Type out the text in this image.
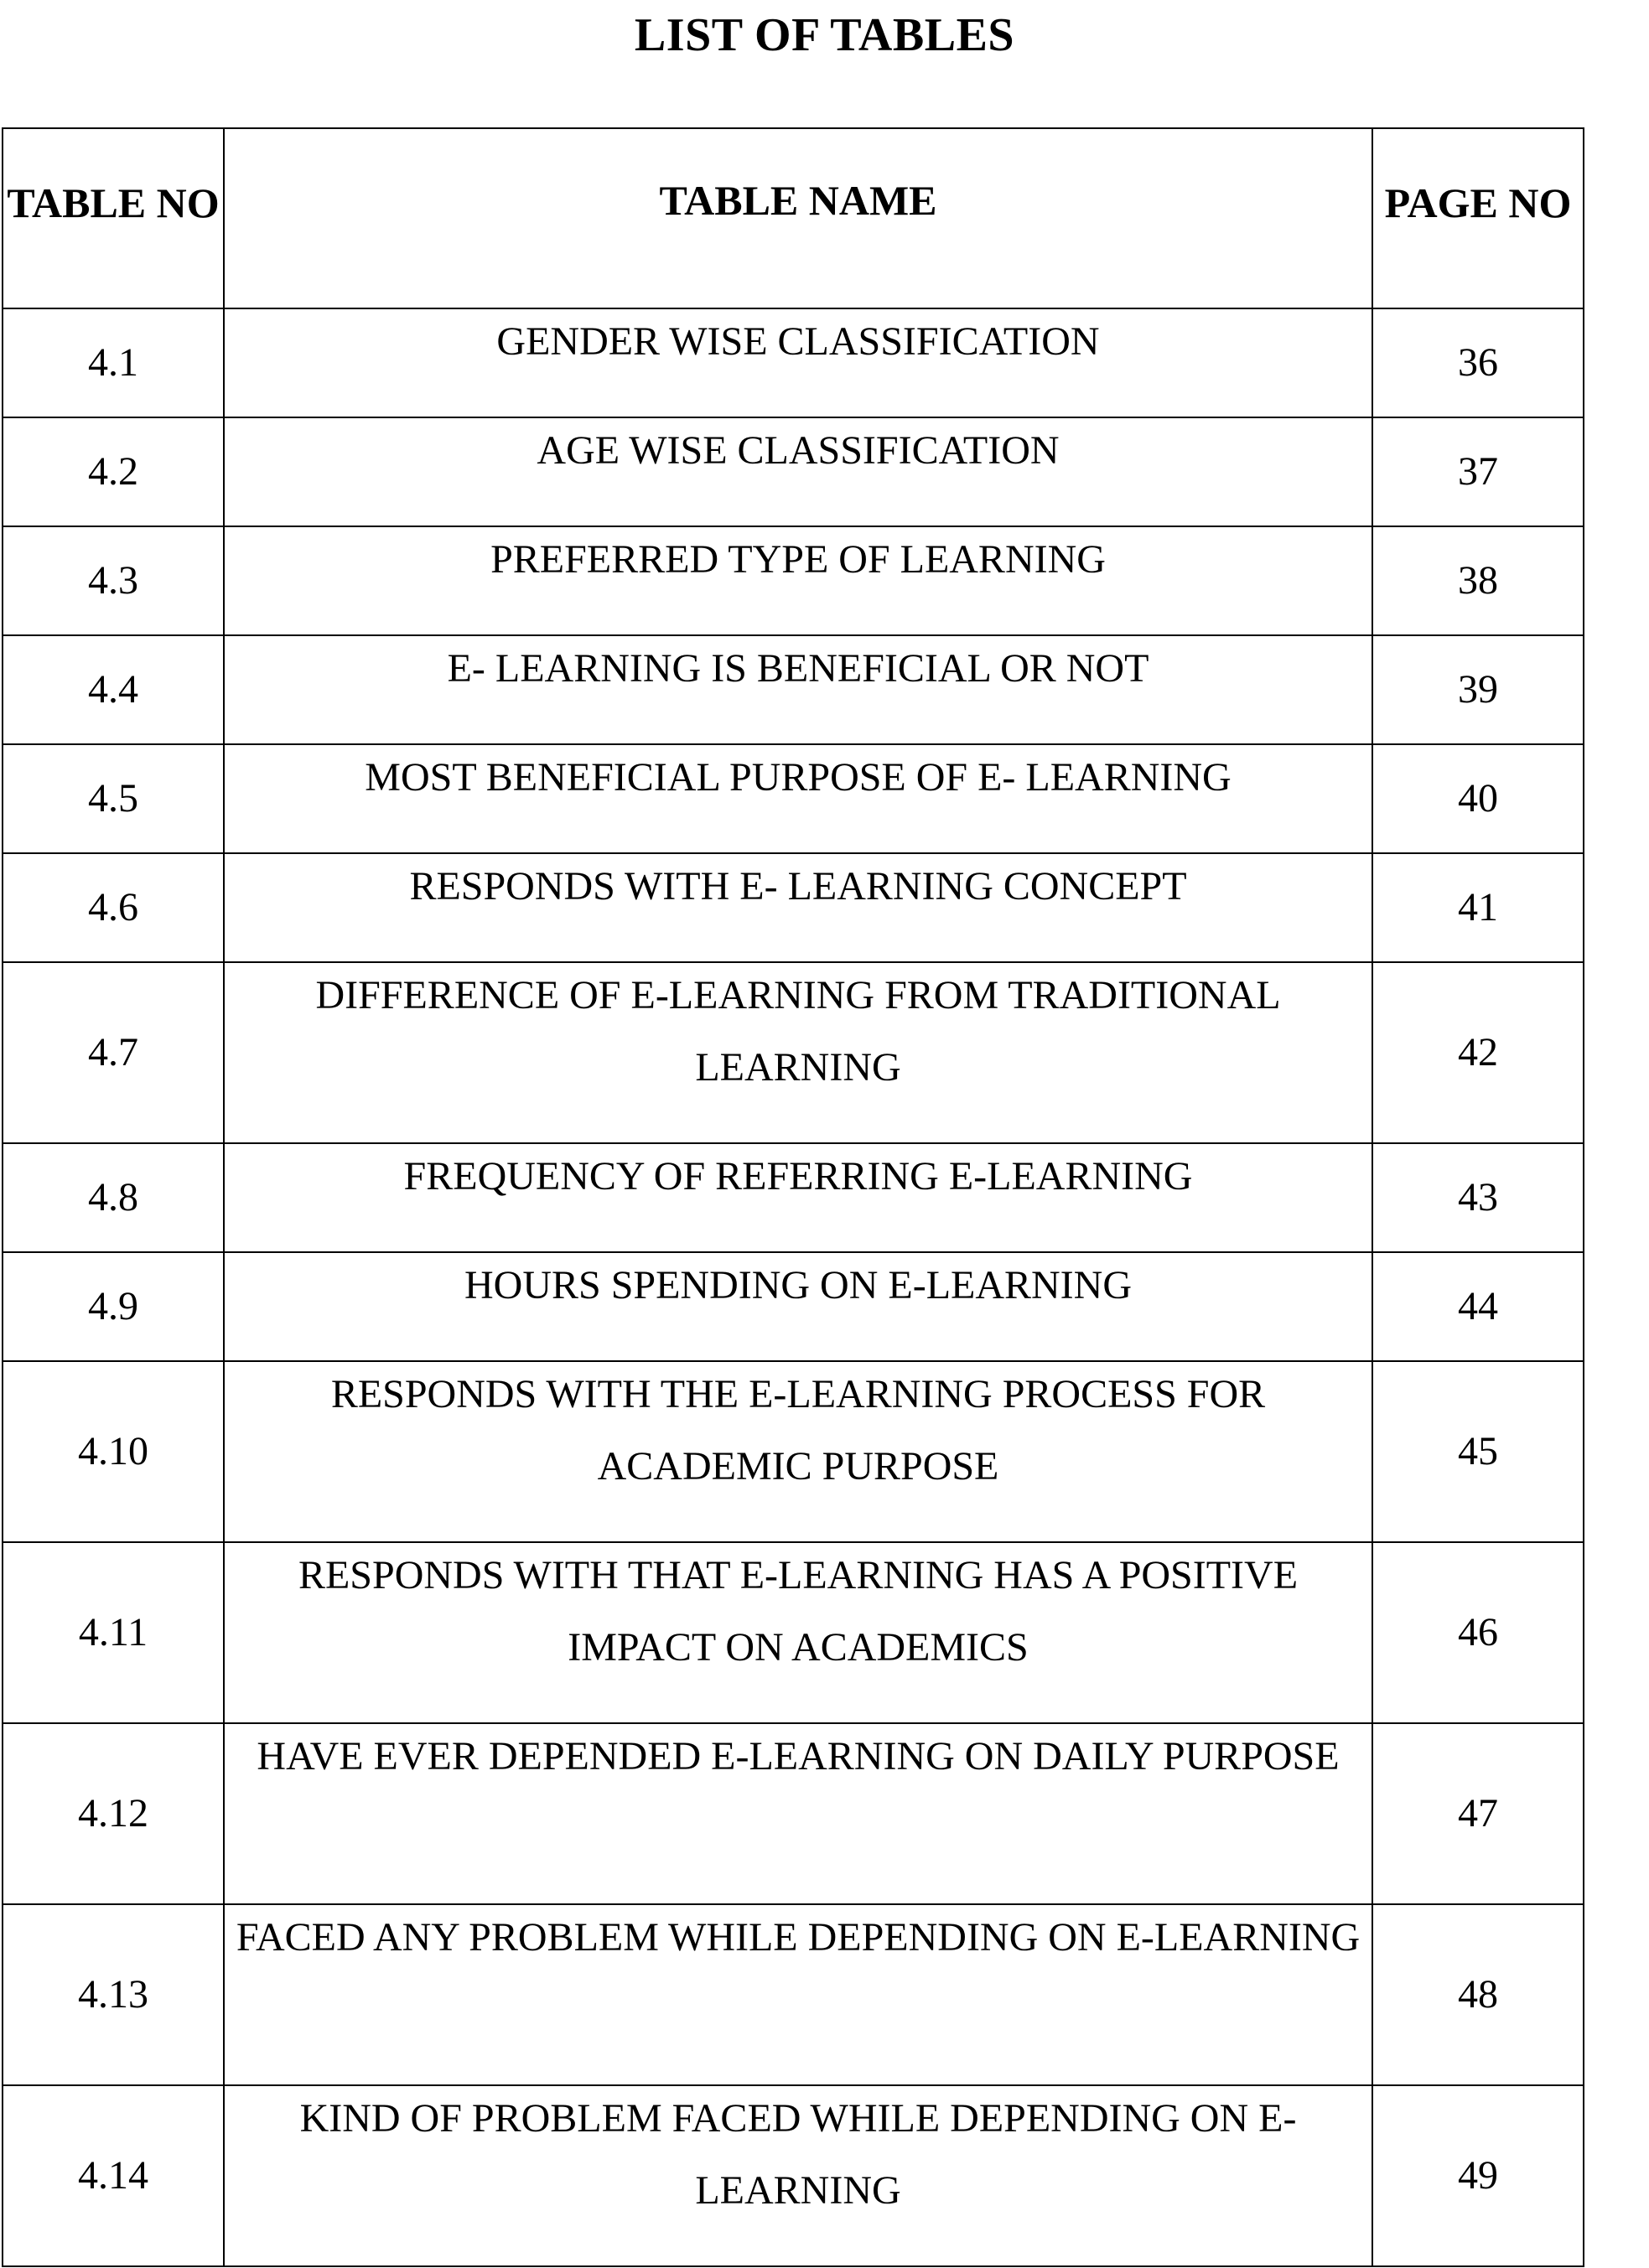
LIST OF TABLES
TABLE NO	TABLE NAME	PAGE NO

4.1	GENDER WISE CLASSIFICATION	36
4.2	AGE WISE CLASSIFICATION	37
4.3	PREFERRED TYPE OF LEARNING	38
4.4	E- LEARNING IS BENEFICIAL OR NOT	39
4.5	MOST BENEFICIAL PURPOSE OF E- LEARNING	40
4.6	RESPONDS WITH E- LEARNING CONCEPT	41
4.7	DIFFERENCE OF E-LEARNING FROM TRADITIONAL LEARNING	42
4.8	FREQUENCY OF REFERRING E-LEARNING	43
4.9	HOURS SPENDING ON E-LEARNING	44
4.10	RESPONDS WITH THE E-LEARNING PROCESS FOR ACADEMIC PURPOSE	45
4.11	RESPONDS WITH THAT E-LEARNING HAS A POSITIVE IMPACT ON ACADEMICS	46
4.12	HAVE EVER DEPENDED E-LEARNING ON DAILY PURPOSE	47
4.13	FACED ANY PROBLEM WHILE DEPENDING ON E-LEARNING	48
4.14	KIND OF PROBLEM FACED WHILE DEPENDING ON E-LEARNING	49
